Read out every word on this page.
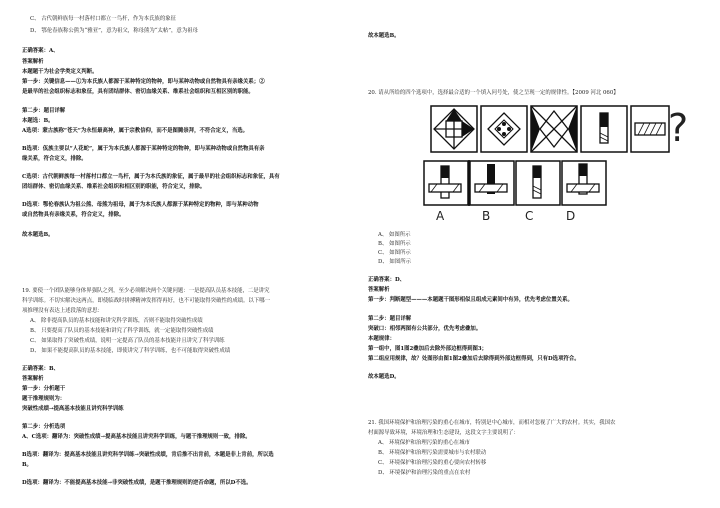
C、 古代朝鲜族每一村落村口都立一鸟杆，作为本氏族的象征
D、 鄂伦春族称公熊为“雅亚”，意为祖父，称母熊为“太帖”，意为祖母
正确答案：A、
答案解析
本题题干为社会学类定义判断。
第一步：关键信息——①为本氏族人都源于某种特定的物种，即与某种动物或自然物具有亲缘关系；②
是最早的社会组织标志和象征，具有团结群体、密切血缘关系、维系社会组织和互相区别的职能。
第二步：题目详解
本题选：B。
A选项：蒙古族称“苍天”为永恒最高神，属于宗教信仰，而不是图腾崇拜，不符合定义，当选。
B选项：佤族主要以“人花蛇”，属于为本氏族人都源于某种特定的物种，即与某种动物或自然物具有亲
缘关系，符合定义，排除。
C选项：古代朝鲜族每一村落村口都立一鸟杆，属于为本氏族的象征，属于最早的社会组织标志和象征，具有
团结群体、密切血缘关系、维系社会组织和相区别的职能，符合定义，排除。
D选项：鄂伦春族认为祖公熊、母熊为祖母，属于为本氏族人都源于某种特定的物种，即与某种动物
或自然物具有亲缘关系，符合定义，排除。
故本题选B。
19. 要使一个团队能够身体界强队之列，至少必须解决两个关键问题：一是提高队员基本技能，二是讲究
科学训练。不切实解决这两点，即使临战时拼搏精神发挥得再好，也不可能取得突破性的成绩。以下哪一
项推理没有表达上述段落的意思：
A、 除非提高队员的基本技能和讲究科学训练，否则不能取得突破性成绩
B、 只要提高了队员的基本技能和讲究了科学训练，就一定能取得突破性成绩
C、 如果取得了突破性成绩，说明一定提高了队员的基本技能并且讲究了科学训练
D、 如果不能提高队员的基本技能，即使讲究了科学训练，也不可能取得突破性成绩
正确答案：B、
答案解析
第一步：分析题干
题干推理规则为：
突破性成绩→提高基本技能且讲究科学训练
第二步：分析选项
A、C选项：翻译为：突破性成绩→提高基本技能且讲究科学训练，与题干推理规则一致，排除。
B选项：翻译为：提高基本技能且讲究科学训练→突破性成绩，肯后推不出肯前，本题是非上肯前，所以选
B。
D选项：翻译为：不能提高基本技能→非突破性成绩，是题干推理规则的逆否命题，所以D不选。
故本题选B。
20. 请从所给的四个选项中，选择最合适的一个填入问号处，使之呈现一定的规律性。【2009 河北 060】
?
A	B	C	D
A、 如图所示
B、 如图所示
C、 如图所示
D、 如图所示
正确答案：D、
答案解析
第一步：判断题型———本题题干图形相似且组成元素间中有异，优先考虑位置关系。
第二步：题目详解
突破口：相邻两图有公共部分，优先考虑叠加。
本题规律：
第一组中，图1图2叠加后去除外部边框得到图3；
第二组应用规律，故？处图形由图1图2叠加后去除得到外部边框得到，只有D选项符合。
故本题选D。
21. 我国环境保护和治理污染的重心在城市，特别是中心城市，而相对忽视了广大的农村。其实，我国农
村面源导致环境，环境治理和生态建设，这段文字主要说明了：
A、 环境保护和治理污染的重心在城市
B、 环境保护和治理污染需要城市与农村联动
C、 环境保护和治理污染的重心要向农村转移
D、 环境保护和治理污染的重点在农村
